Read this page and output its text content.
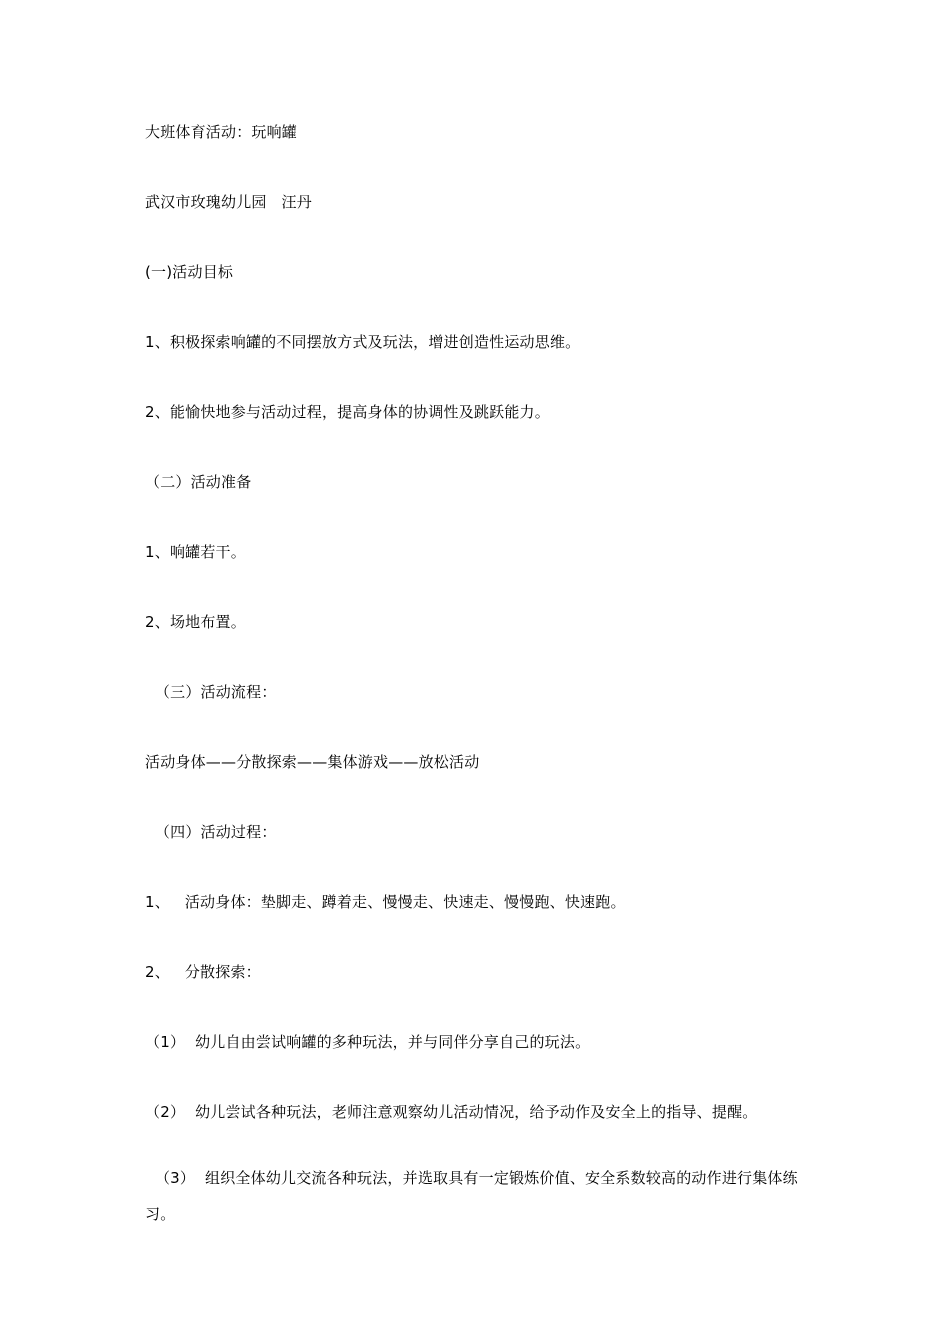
大班体育活动：玩响罐
武汉市玫瑰幼儿园   汪丹
(一)活动目标
1、积极探索响罐的不同摆放方式及玩法，增进创造性运动思维。
2、能愉快地参与活动过程，提高身体的协调性及跳跃能力。
（二）活动准备
1、响罐若干。
2、场地布置。
（三）活动流程：
活动身体——分散探索——集体游戏——放松活动
（四）活动过程：
1、   活动身体：垫脚走、蹲着走、慢慢走、快速走、慢慢跑、快速跑。
2、   分散探索：
（1）  幼儿自由尝试响罐的多种玩法，并与同伴分享自己的玩法。
（2）  幼儿尝试各种玩法，老师注意观察幼儿活动情况，给予动作及安全上的指导、提醒。
（3）  组织全体幼儿交流各种玩法，并选取具有一定锻炼价值、安全系数较高的动作进行集体练习。
